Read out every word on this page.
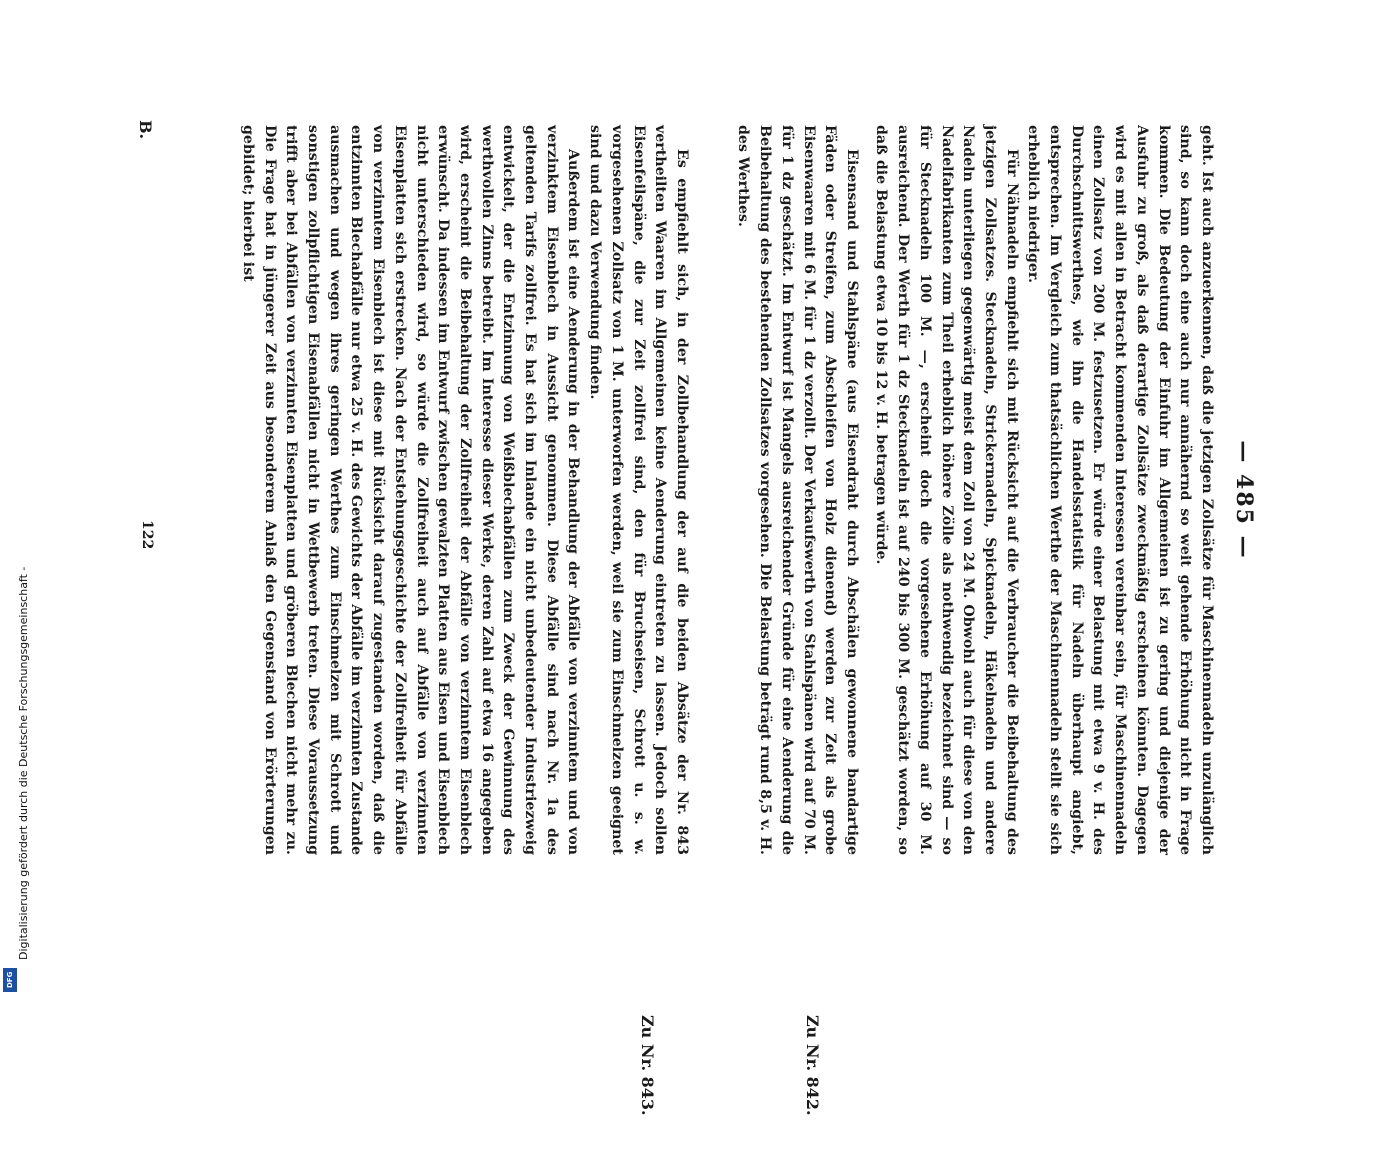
— 485 —

geht. Ist auch anzuerkennen, daß die jetzigen Zollsätze für Maschinennadeln unzulänglich sind, so kann doch eine auch nur annähernd so weit gehende Erhöhung nicht in Frage kommen. Die Bedeutung der Einfuhr im Allgemeinen ist zu gering und diejenige der Ausfuhr zu groß, als daß derartige Zollsätze zweckmäßig erscheinen könnten. Dagegen wird es mit allen in Betracht kommenden Interessen vereinbar sein, für Maschinennadeln einen Zollsatz von 200 M. festzusetzen. Er würde einer Belastung mit etwa 9 v. H. des Durchschnittswerthes, wie ihn die Handelsstatistik für Nadeln überhaupt angiebt, entsprechen. Im Vergleich zum thatsächlichen Werthe der Maschinennadeln stellt sie sich erheblich niedriger.

Für Nähnadeln empfiehlt sich mit Rücksicht auf die Verbraucher die Beibehaltung des jetzigen Zollsatzes. Stecknadeln, Strickernadeln, Spicknadeln, Häkelnadeln und andere Nadeln unterliegen gegenwärtig meist dem Zoll von 24 M. Obwohl auch für diese von den Nadelfabrikanten zum Theil erheblich höhere Zölle als nothwendig bezeichnet sind — so für Stecknadeln 100 M. —, erscheint doch die vorgesehene Erhöhung auf 30 M. ausreichend. Der Werth für 1 dz Stecknadeln ist auf 240 bis 300 M. geschätzt worden, so daß die Belastung etwa 10 bis 12 v. H. betragen würde.

Zu Nr. 842.

Eisensand und Stahlspäne (aus Eisendraht durch Abschälen gewonnene bandartige Fäden oder Streifen, zum Abschleifen von Holz dienend) werden zur Zeit als grobe Eisenwaaren mit 6 M. für 1 dz verzollt. Der Verkaufswerth von Stahlspänen wird auf 70 M. für 1 dz geschätzt. Im Entwurf ist Mangels ausreichender Gründe für eine Aenderung die Beibehaltung des bestehenden Zollsatzes vorgesehen. Die Belastung beträgt rund 8,5 v. H. des Werthes.

Zu Nr. 843.

Es empfiehlt sich, in der Zollbehandlung der auf die beiden Absätze der Nr. 843 vertheilten Waaren im Allgemeinen keine Aenderung eintreten zu lassen. Jedoch sollen Eisenfeilspäne, die zur Zeit zollfrei sind, den für Bruchseisen, Schrott u. s. w. vorgesehenen Zollsatz von 1 M. unterworfen werden, weil sie zum Einschmelzen geeignet sind und dazu Verwendung finden.

Außerdem ist eine Aenderung in der Behandlung der Abfälle von verzinntem und von verzinktem Eisenblech in Aussicht genommen. Diese Abfälle sind nach Nr. 1a des geltenden Tarifs zollfrei. Es hat sich im Inlande ein nicht unbedeutender Industriezweig entwickelt, der die Entzinnung von Weißblechabfällen zum Zweck der Gewinnung des werthvollen Zinns betreibt. Im Interesse dieser Werke, deren Zahl auf etwa 16 angegeben wird, erscheint die Beibehaltung der Zollfreiheit der Abfälle von verzinntem Eisenblech erwünscht. Da indessen im Entwurf zwischen gewalzten Platten aus Eisen und Eisenblech nicht unterschieden wird, so würde die Zollfreiheit auch auf Abfälle von verzinnten Eisenplatten sich erstrecken. Nach der Entstehungsgeschichte der Zollfreiheit für Abfälle von verzinntem Eisenblech ist diese mit Rücksicht darauf zugestanden worden, daß die entzinnten Blechabfälle nur etwa 25 v. H. des Gewichts der Abfälle im verzinnten Zustande ausmachen und wegen ihres geringen Werthes zum Einschmelzen mit Schrott und sonstigen zollpflichtigen Eisenabfällen nicht in Wettbewerb treten. Diese Voraussetzung trifft aber bei Abfällen von verzinnten Eisenplatten und gröberen Blechen nicht mehr zu. Die Frage hat in jüngerer Zeit aus besonderem Anlaß den Gegenstand von Erörterungen gebildet; hierbei ist

B.
122
Digitalisierung gefördert durch die Deutsche Forschungsgemeinschaft -
DFG
